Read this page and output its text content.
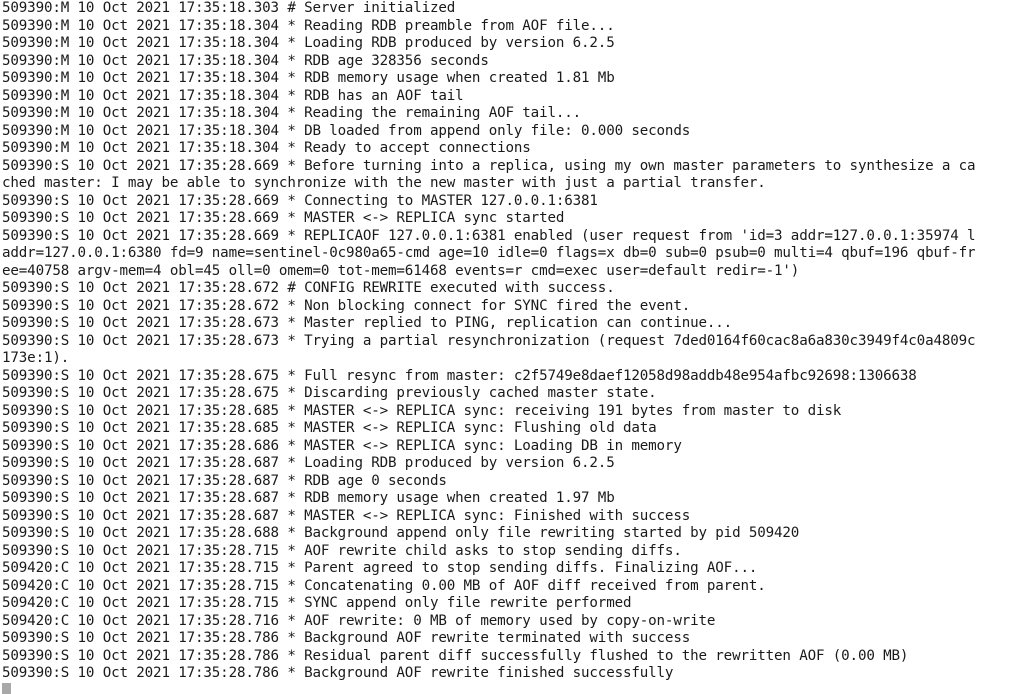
509390:M 10 Oct 2021 17:35:18.303 # Server initialized
509390:M 10 Oct 2021 17:35:18.304 * Reading RDB preamble from AOF file...
509390:M 10 Oct 2021 17:35:18.304 * Loading RDB produced by version 6.2.5
509390:M 10 Oct 2021 17:35:18.304 * RDB age 328356 seconds
509390:M 10 Oct 2021 17:35:18.304 * RDB memory usage when created 1.81 Mb
509390:M 10 Oct 2021 17:35:18.304 * RDB has an AOF tail
509390:M 10 Oct 2021 17:35:18.304 * Reading the remaining AOF tail...
509390:M 10 Oct 2021 17:35:18.304 * DB loaded from append only file: 0.000 seconds
509390:M 10 Oct 2021 17:35:18.304 * Ready to accept connections
509390:S 10 Oct 2021 17:35:28.669 * Before turning into a replica, using my own master parameters to synthesize a ca
ched master: I may be able to synchronize with the new master with just a partial transfer.
509390:S 10 Oct 2021 17:35:28.669 * Connecting to MASTER 127.0.0.1:6381
509390:S 10 Oct 2021 17:35:28.669 * MASTER <-> REPLICA sync started
509390:S 10 Oct 2021 17:35:28.669 * REPLICAOF 127.0.0.1:6381 enabled (user request from 'id=3 addr=127.0.0.1:35974 l
addr=127.0.0.1:6380 fd=9 name=sentinel-0c980a65-cmd age=10 idle=0 flags=x db=0 sub=0 psub=0 multi=4 qbuf=196 qbuf-fr
ee=40758 argv-mem=4 obl=45 oll=0 omem=0 tot-mem=61468 events=r cmd=exec user=default redir=-1')
509390:S 10 Oct 2021 17:35:28.672 # CONFIG REWRITE executed with success.
509390:S 10 Oct 2021 17:35:28.672 * Non blocking connect for SYNC fired the event.
509390:S 10 Oct 2021 17:35:28.673 * Master replied to PING, replication can continue...
509390:S 10 Oct 2021 17:35:28.673 * Trying a partial resynchronization (request 7ded0164f60cac8a6a830c3949f4c0a4809c
173e:1).
509390:S 10 Oct 2021 17:35:28.675 * Full resync from master: c2f5749e8daef12058d98addb48e954afbc92698:1306638
509390:S 10 Oct 2021 17:35:28.675 * Discarding previously cached master state.
509390:S 10 Oct 2021 17:35:28.685 * MASTER <-> REPLICA sync: receiving 191 bytes from master to disk
509390:S 10 Oct 2021 17:35:28.685 * MASTER <-> REPLICA sync: Flushing old data
509390:S 10 Oct 2021 17:35:28.686 * MASTER <-> REPLICA sync: Loading DB in memory
509390:S 10 Oct 2021 17:35:28.687 * Loading RDB produced by version 6.2.5
509390:S 10 Oct 2021 17:35:28.687 * RDB age 0 seconds
509390:S 10 Oct 2021 17:35:28.687 * RDB memory usage when created 1.97 Mb
509390:S 10 Oct 2021 17:35:28.687 * MASTER <-> REPLICA sync: Finished with success
509390:S 10 Oct 2021 17:35:28.688 * Background append only file rewriting started by pid 509420
509390:S 10 Oct 2021 17:35:28.715 * AOF rewrite child asks to stop sending diffs.
509420:C 10 Oct 2021 17:35:28.715 * Parent agreed to stop sending diffs. Finalizing AOF...
509420:C 10 Oct 2021 17:35:28.715 * Concatenating 0.00 MB of AOF diff received from parent.
509420:C 10 Oct 2021 17:35:28.715 * SYNC append only file rewrite performed
509420:C 10 Oct 2021 17:35:28.716 * AOF rewrite: 0 MB of memory used by copy-on-write
509390:S 10 Oct 2021 17:35:28.786 * Background AOF rewrite terminated with success
509390:S 10 Oct 2021 17:35:28.786 * Residual parent diff successfully flushed to the rewritten AOF (0.00 MB)
509390:S 10 Oct 2021 17:35:28.786 * Background AOF rewrite finished successfully
